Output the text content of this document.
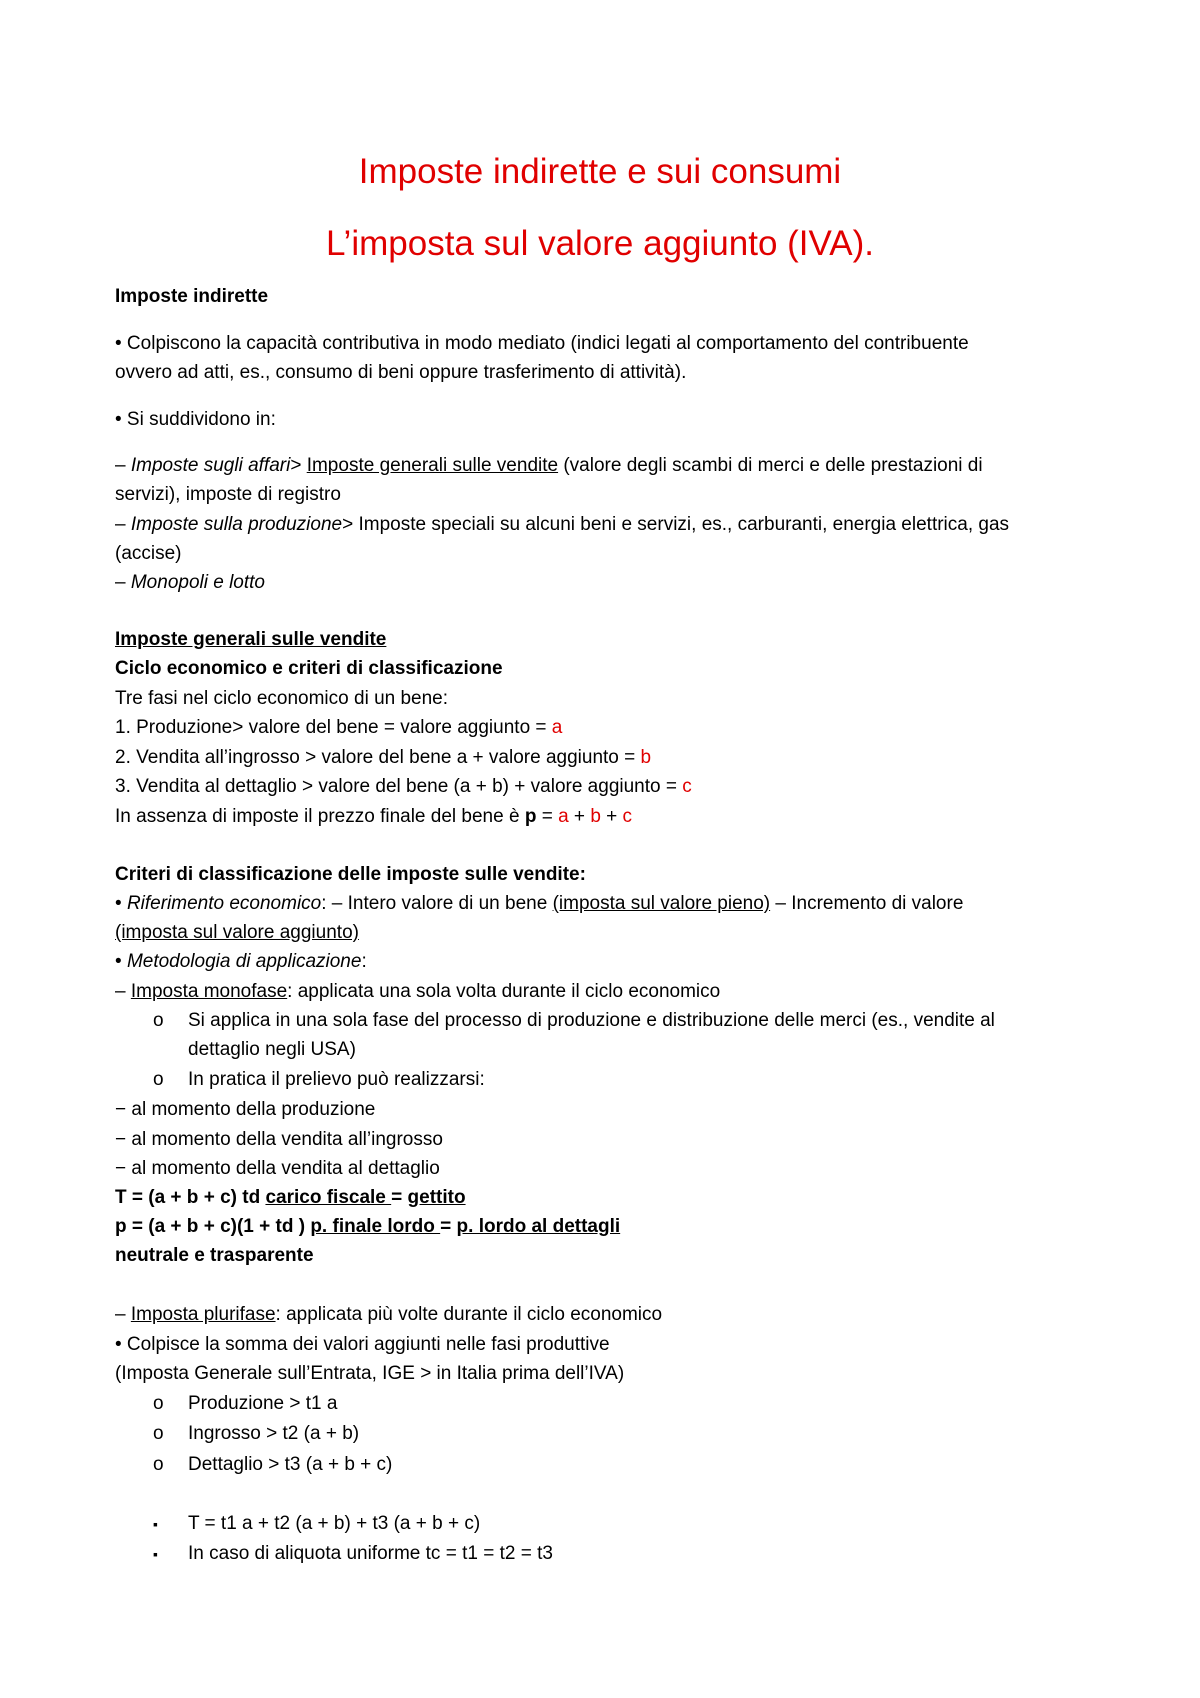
Imposte indirette e sui consumi
L’imposta sul valore aggiunto (IVA).
Imposte indirette
• Colpiscono la capacità contributiva in modo mediato (indici legati al comportamento del contribuente
ovvero ad atti, es., consumo di beni oppure trasferimento di attività).
• Si suddividono in:
– Imposte sugli affari> Imposte generali sulle vendite (valore degli scambi di merci e delle prestazioni di
servizi), imposte di registro
– Imposte sulla produzione> Imposte speciali su alcuni beni e servizi, es., carburanti, energia elettrica, gas
(accise)
– Monopoli e lotto
Imposte generali sulle vendite
Ciclo economico e criteri di classificazione
Tre fasi nel ciclo economico di un bene:
1. Produzione> valore del bene = valore aggiunto = a
2. Vendita all’ingrosso > valore del bene a + valore aggiunto = b
3. Vendita al dettaglio > valore del bene (a + b) + valore aggiunto = c
In assenza di imposte il prezzo finale del bene è p = a + b + c
Criteri di classificazione delle imposte sulle vendite:
• Riferimento economico: – Intero valore di un bene (imposta sul valore pieno) – Incremento di valore
(imposta sul valore aggiunto)
• Metodologia di applicazione:
– Imposta monofase: applicata una sola volta durante il ciclo economico
o Si applica in una sola fase del processo di produzione e distribuzione delle merci (es., vendite al
dettaglio negli USA)
o In pratica il prelievo può realizzarsi:
− al momento della produzione
− al momento della vendita all’ingrosso
− al momento della vendita al dettaglio
T = (a + b + c) td carico fiscale = gettito
p = (a + b + c)(1 + td ) p. finale lordo = p. lordo al dettagli
neutrale e trasparente
– Imposta plurifase: applicata più volte durante il ciclo economico
• Colpisce la somma dei valori aggiunti nelle fasi produttive
(Imposta Generale sull’Entrata, IGE > in Italia prima dell’IVA)
o Produzione > t1 a
o Ingrosso > t2 (a + b)
o Dettaglio > t3 (a + b + c)
▪ T = t1 a + t2 (a + b) + t3 (a + b + c)
▪ In caso di aliquota uniforme tc = t1 = t2 = t3
